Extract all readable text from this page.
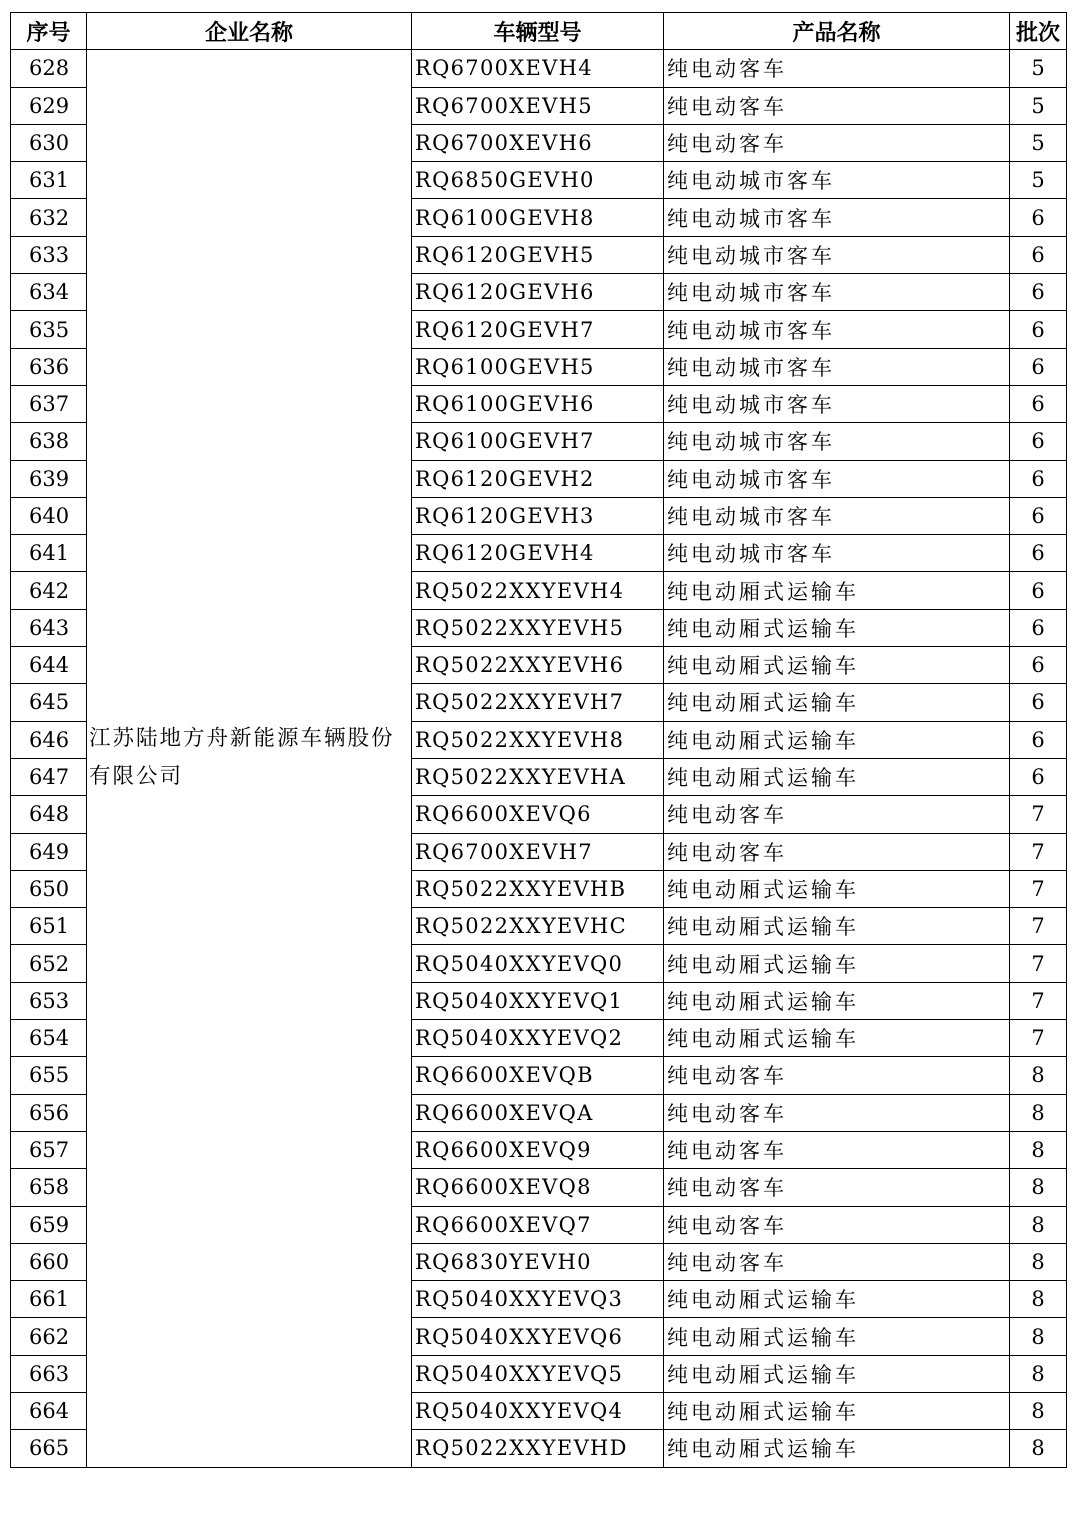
序号	企业名称	车辆型号	产品名称	批次
628	江苏陆地方舟新能源车辆股份有限公司	RQ6700XEVH4	纯电动客车	5
629		RQ6700XEVH5	纯电动客车	5
630		RQ6700XEVH6	纯电动客车	5
631		RQ6850GEVH0	纯电动城市客车	5
632		RQ6100GEVH8	纯电动城市客车	6
633		RQ6120GEVH5	纯电动城市客车	6
634		RQ6120GEVH6	纯电动城市客车	6
635		RQ6120GEVH7	纯电动城市客车	6
636		RQ6100GEVH5	纯电动城市客车	6
637		RQ6100GEVH6	纯电动城市客车	6
638		RQ6100GEVH7	纯电动城市客车	6
639		RQ6120GEVH2	纯电动城市客车	6
640		RQ6120GEVH3	纯电动城市客车	6
641		RQ6120GEVH4	纯电动城市客车	6
642		RQ5022XXYEVH4	纯电动厢式运输车	6
643		RQ5022XXYEVH5	纯电动厢式运输车	6
644		RQ5022XXYEVH6	纯电动厢式运输车	6
645		RQ5022XXYEVH7	纯电动厢式运输车	6
646		RQ5022XXYEVH8	纯电动厢式运输车	6
647		RQ5022XXYEVHA	纯电动厢式运输车	6
648		RQ6600XEVQ6	纯电动客车	7
649		RQ6700XEVH7	纯电动客车	7
650		RQ5022XXYEVHB	纯电动厢式运输车	7
651		RQ5022XXYEVHC	纯电动厢式运输车	7
652		RQ5040XXYEVQ0	纯电动厢式运输车	7
653		RQ5040XXYEVQ1	纯电动厢式运输车	7
654		RQ5040XXYEVQ2	纯电动厢式运输车	7
655		RQ6600XEVQB	纯电动客车	8
656		RQ6600XEVQA	纯电动客车	8
657		RQ6600XEVQ9	纯电动客车	8
658		RQ6600XEVQ8	纯电动客车	8
659		RQ6600XEVQ7	纯电动客车	8
660		RQ6830YEVH0	纯电动客车	8
661		RQ5040XXYEVQ3	纯电动厢式运输车	8
662		RQ5040XXYEVQ6	纯电动厢式运输车	8
663		RQ5040XXYEVQ5	纯电动厢式运输车	8
664		RQ5040XXYEVQ4	纯电动厢式运输车	8
665		RQ5022XXYEVHD	纯电动厢式运输车	8
